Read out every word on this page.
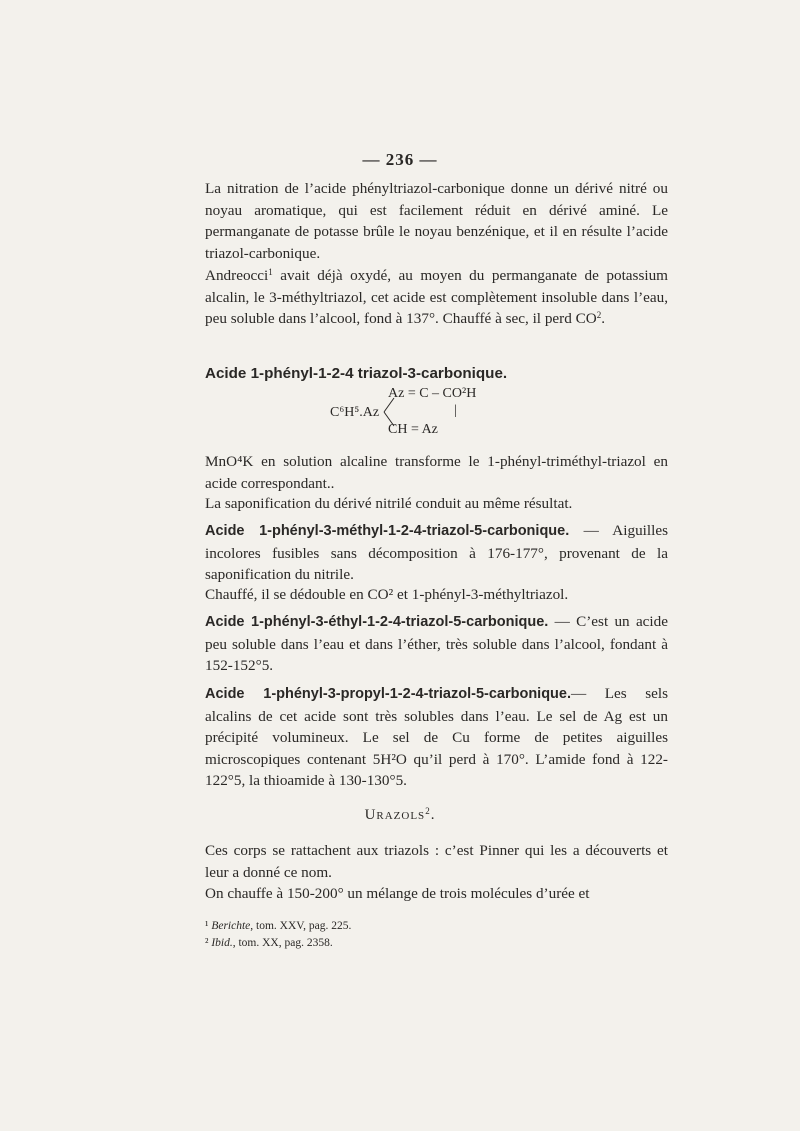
— 236 —
La nitration de l’acide phényltriazol-carbonique donne un dérivé nitré ou noyau aromatique, qui est facilement réduit en dérivé aminé. Le permanganate de potasse brûle le noyau benzénique, et il en résulte l’acide triazol-carbonique.
Andreocci$^1$ avait déjà oxydé, au moyen du permanganate de potassium alcalin, le 3-méthyltriazol, cet acide est complètement insoluble dans l’eau, peu soluble dans l’alcool, fond à 137°. Chauffé à sec, il perd $CO^2$.
Acide 1-phényl-1-2-4 triazol-3-carbonique.
Az = C – CO²H
C⁶H⁵.Az	|
CH = Az
MnO⁴K en solution alcaline transforme le 1-phényl-triméthyl-triazol en acide correspondant..
La saponification du dérivé nitrilé conduit au même résultat.
Acide 1-phényl-3-méthyl-1-2-4-triazol-5-carbonique. — Aiguilles incolores fusibles sans décomposition à 176-177°, provenant de la saponification du nitrile.
Chauffé, il se dédouble en CO² et 1-phényl-3-méthyltriazol.
Acide 1-phényl-3-éthyl-1-2-4-triazol-5-carbonique. — C’est un acide peu soluble dans l’eau et dans l’éther, très soluble dans l’alcool, fondant à 152-152°5.
Acide 1-phényl-3-propyl-1-2-4-triazol-5-carbonique.— Les sels alcalins de cet acide sont très solubles dans l’eau. Le sel de Ag est un précipité volumineux. Le sel de Cu forme de petites aiguilles microscopiques contenant 5H²O qu’il perd à 170°. L’amide fond à 122-122°5, la thioamide à 130-130°5.
Urazols$^2$.
Ces corps se rattachent aux triazols : c’est Pinner qui les a découverts et leur a donné ce nom.
On chauffe à 150-200° un mélange de trois molécules d’urée et
¹ Berichte, tom. XXV, pag. 225.
² Ibid., tom. XX, pag. 2358.
